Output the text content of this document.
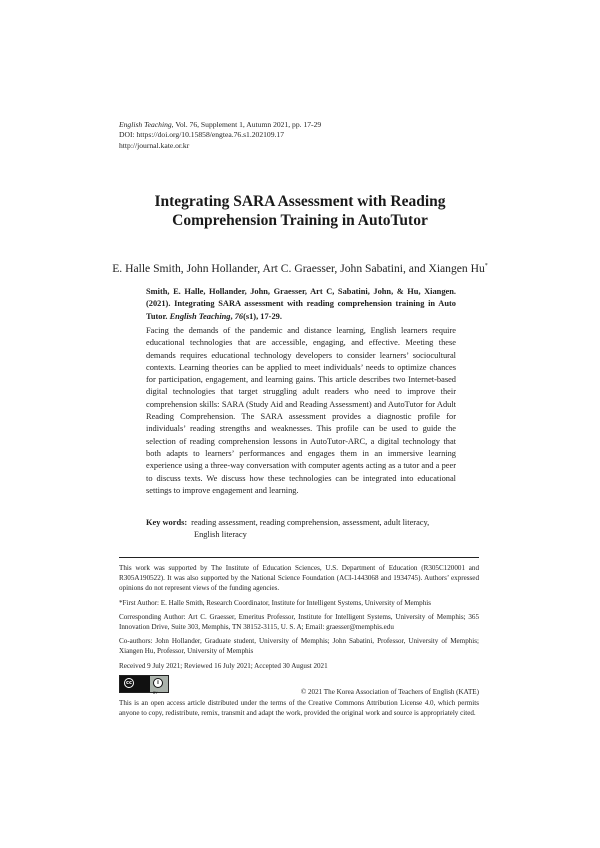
English Teaching, Vol. 76, Supplement 1, Autumn 2021, pp. 17-29
DOI: https://doi.org/10.15858/engtea.76.s1.202109.17
http://journal.kate.or.kr
Integrating SARA Assessment with Reading
Comprehension Training in AutoTutor
E. Halle Smith, John Hollander, Art C. Graesser, John Sabatini, and Xiangen Hu*
Smith, E. Halle, Hollander, John, Graesser, Art C, Sabatini, John, & Hu, Xiangen. (2021). Integrating SARA assessment with reading comprehension training in Auto Tutor. English Teaching, 76(s1), 17-29.
Facing the demands of the pandemic and distance learning, English learners require educational technologies that are accessible, engaging, and effective. Meeting these demands requires educational technology developers to consider learners’ sociocultural contexts. Learning theories can be applied to meet individuals’ needs to optimize chances for participation, engagement, and learning gains. This article describes two Internet-based digital technologies that target struggling adult readers who need to improve their comprehension skills: SARA (Study Aid and Reading Assessment) and AutoTutor for Adult Reading Comprehension. The SARA assessment provides a diagnostic profile for individuals’ reading strengths and weaknesses. This profile can be used to guide the selection of reading comprehension lessons in AutoTutor-ARC, a digital technology that both adapts to learners’ performances and engages them in an immersive learning experience using a three-way conversation with computer agents acting as a tutor and a peer to discuss texts. We discuss how these technologies can be integrated into educational settings to improve engagement and learning.
Key words: reading assessment, reading comprehension, assessment, adult literacy,
English literacy

This work was supported by The Institute of Education Sciences, U.S. Department of Education (R305C120001 and R305A190522). It was also supported by the National Science Foundation (ACI-1443068 and 1934745). Authors’ expressed opinions do not represent views of the funding agencies.

*First Author: E. Halle Smith, Research Coordinator, Institute for Intelligent Systems, University of Memphis

Corresponding Author: Art C. Graesser, Emeritus Professor, Institute for Intelligent Systems, University of Memphis; 365 Innovation Drive, Suite 303, Memphis, TN 38152-3115, U. S. A; Email: graesser@memphis.edu

Co-authors: John Hollander, Graduate student, University of Memphis; John Sabatini, Professor, University of Memphis; Xiangen Hu, Professor, University of Memphis

Received 9 July 2021; Reviewed 16 July 2021; Accepted 30 August 2021

cc	i
BY	© 2021 The Korea Association of Teachers of English (KATE)
This is an open access article distributed under the terms of the Creative Commons Attribution License 4.0, which permits anyone to copy, redistribute, remix, transmit and adapt the work, provided the original work and source is appropriately cited.
